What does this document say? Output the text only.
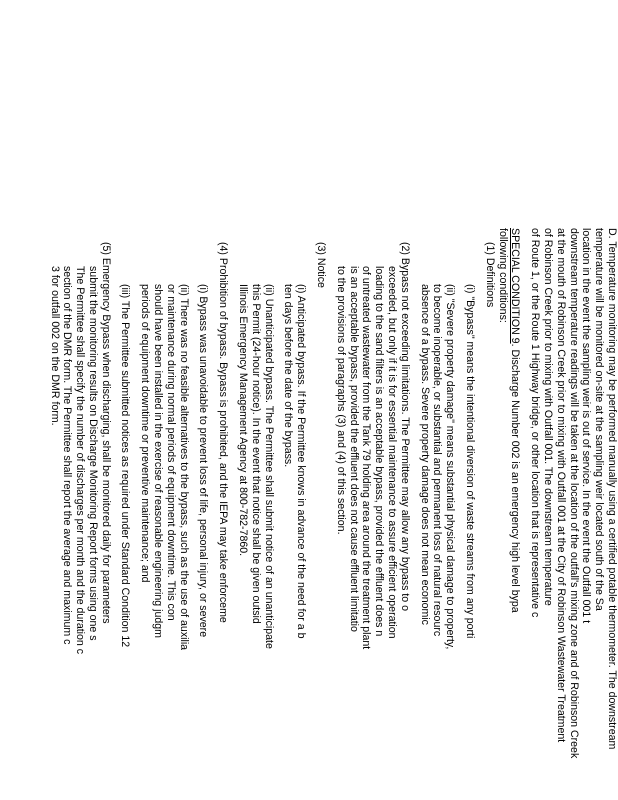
D. Temperature monitoring may be performed manually using a certified potable thermometer. The downstream
temperature will be monitored on-site at the sampling weir located south of the Sa
location in the event the sampling weir is out of service. In the event the Outfall 001 t
downstream temperature readings will be taken at the location of the outfall's mixing zone and of Robinson Creek
at the mouth of Robinson Creek prior to mixing with Outfall 001 at the City of Robinson Wastewater Treatment
of Robinson Creek prior to mixing with Outfall 001. The downstream temperature
of Route 1, or the Route 1 Highway bridge, or other location that is representative c
SPECIAL CONDITION 9. Discharge Number 002 is an emergency high level bypa
following conditions:
(1) Definitions
(i) "Bypass" means the intentional diversion of waste streams from any porti
(ii) "Severe property damage" means substantial physical damage to property,
to become inoperable, or substantial and permanent loss of natural resourc
absence of a bypass. Severe property damage does not mean economic
(2) Bypass not exceeding limitations. The Permittee may allow any bypass to o
exceeded, but only if it is for essential maintenance to assure efficient operation
loading to the sand filters is an acceptable bypass, provided the effluent does n
of untreated wastewater from the Tank 79 holding area around the treatment plant
is an acceptable bypass, provided the effluent does not cause effluent limitatio
to the provisions of paragraphs (3) and (4) of this section.
(3) Notice
(i) Anticipated bypass. If the Permittee knows in advance of the need for a b
ten days before the date of the bypass.
(ii) Unanticipated bypass. The Permittee shall submit notice of an unanticipate
this Permit (24-hour notice). In the event that notice shall be given outsid
Illinois Emergency Management Agency at 800-782-7860.
(4) Prohibition of bypass. Bypass is prohibited, and the IEPA may take enforceme
(i) Bypass was unavoidable to prevent loss of life, personal injury, or severe
(ii) There was no feasible alternatives to the bypass, such as the use of auxilia
or maintenance during normal periods of equipment downtime. This con
should have been installed in the exercise of reasonable engineering judgm
periods of equipment downtime or preventive maintenance; and
(iii) The Permittee submitted notices as required under Standard Condition 12
(5) Emergency Bypass when discharging, shall be monitored daily for parameters
submit the monitoring results on Discharge Monitoring Report forms using one s
The Permittee shall specify the number of discharges per month and the duration c
section of the DMR form. The Permittee shall report the average and maximum c
3 for outfall 002 on the DMR form.
